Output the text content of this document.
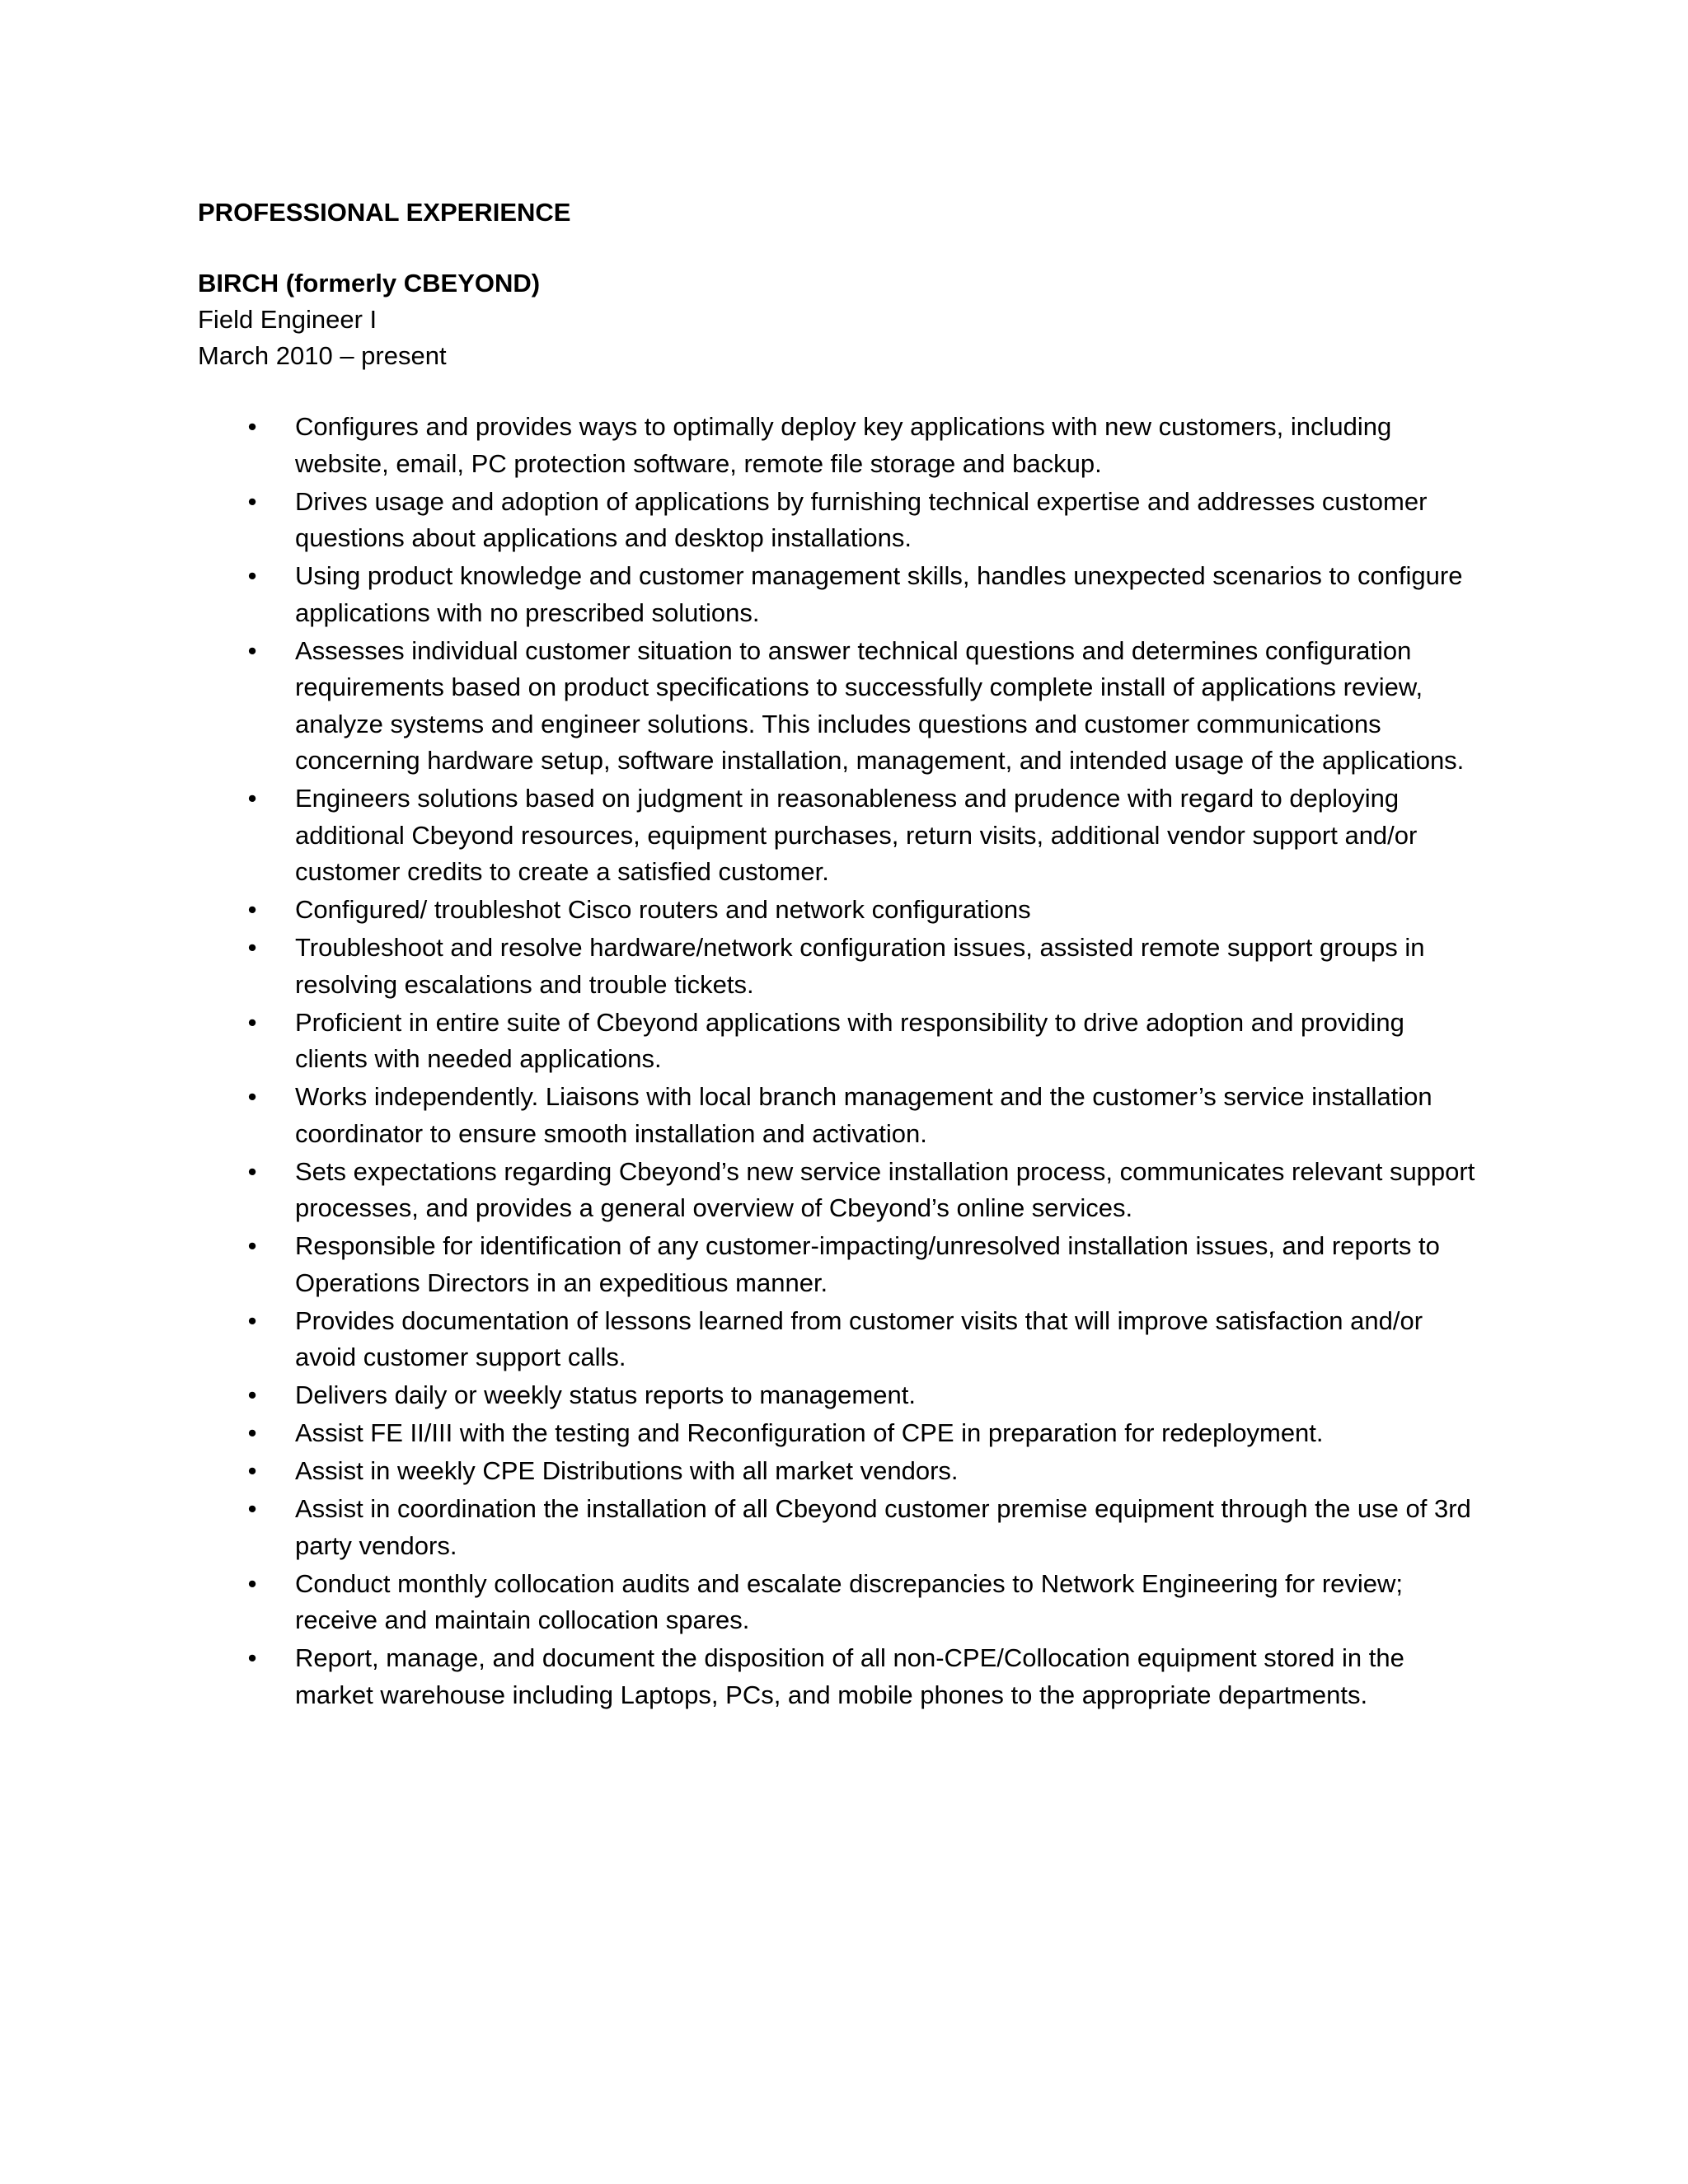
PROFESSIONAL EXPERIENCE
BIRCH (formerly CBEYOND)
Field Engineer I
March 2010 – present
• Configures and provides ways to optimally deploy key applications with new customers, including website, email, PC protection software, remote file storage and backup.
• Drives usage and adoption of applications by furnishing technical expertise and addresses customer questions about applications and desktop installations.
• Using product knowledge and customer management skills, handles unexpected scenarios to configure applications with no prescribed solutions.
• Assesses individual customer situation to answer technical questions and determines configuration requirements based on product specifications to successfully complete install of applications review, analyze systems and engineer solutions. This includes questions and customer communications concerning hardware setup, software installation, management, and intended usage of the applications.
• Engineers solutions based on judgment in reasonableness and prudence with regard to deploying additional Cbeyond resources, equipment purchases, return visits, additional vendor support and/or customer credits to create a satisfied customer.
• Configured/ troubleshot Cisco routers and network configurations
• Troubleshoot and resolve hardware/network configuration issues, assisted remote support groups in resolving escalations and trouble tickets.
• Proficient in entire suite of Cbeyond applications with responsibility to drive adoption and providing clients with needed applications.
• Works independently. Liaisons with local branch management and the customer’s service installation coordinator to ensure smooth installation and activation.
• Sets expectations regarding Cbeyond’s new service installation process, communicates relevant support processes, and provides a general overview of Cbeyond’s online services.
• Responsible for identification of any customer-impacting/unresolved installation issues, and reports to Operations Directors in an expeditious manner.
• Provides documentation of lessons learned from customer visits that will improve satisfaction and/or avoid customer support calls.
• Delivers daily or weekly status reports to management.
• Assist FE II/III with the testing and Reconfiguration of CPE in preparation for redeployment.
• Assist in weekly CPE Distributions with all market vendors.
• Assist in coordination the installation of all Cbeyond customer premise equipment through the use of 3rd party vendors.
• Conduct monthly collocation audits and escalate discrepancies to Network Engineering for review; receive and maintain collocation spares.
• Report, manage, and document the disposition of all non-CPE/Collocation equipment stored in the market warehouse including Laptops, PCs, and mobile phones to the appropriate departments.
